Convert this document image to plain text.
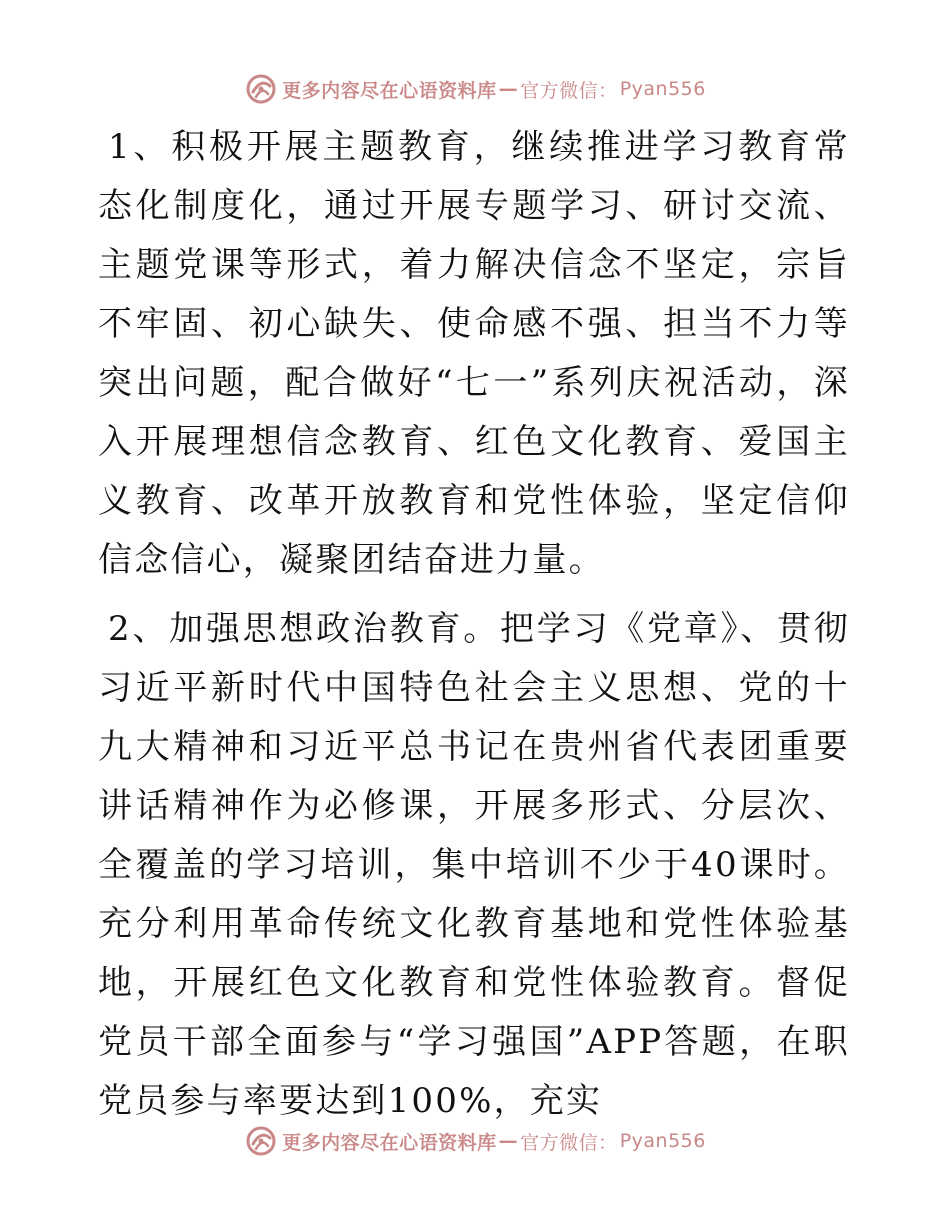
更多内容尽在心语资料库 — 官方微信： Pyan556

1、积极开展主题教育，继续推进学习教育常态化制度化，通过开展专题学习、研讨交流、主题党课等形式，着力解决信念不坚定，宗旨不牢固、初心缺失、使命感不强、担当不力等突出问题，配合做好“七一”系列庆祝活动，深入开展理想信念教育、红色文化教育、爱国主义教育、改革开放教育和党性体验，坚定信仰信念信心，凝聚团结奋进力量。

2、加强思想政治教育。把学习《党章》、贯彻习近平新时代中国特色社会主义思想、党的十九大精神和习近平总书记在贵州省代表团重要讲话精神作为必修课，开展多形式、分层次、全覆盖的学习培训，集中培训不少于40课时。充分利用革命传统文化教育基地和党性体验基地，开展红色文化教育和党性体验教育。督促党员干部全面参与“学习强国”APP答题，在职党员参与率要达到100%，充实

更多内容尽在心语资料库 — 官方微信： Pyan556
